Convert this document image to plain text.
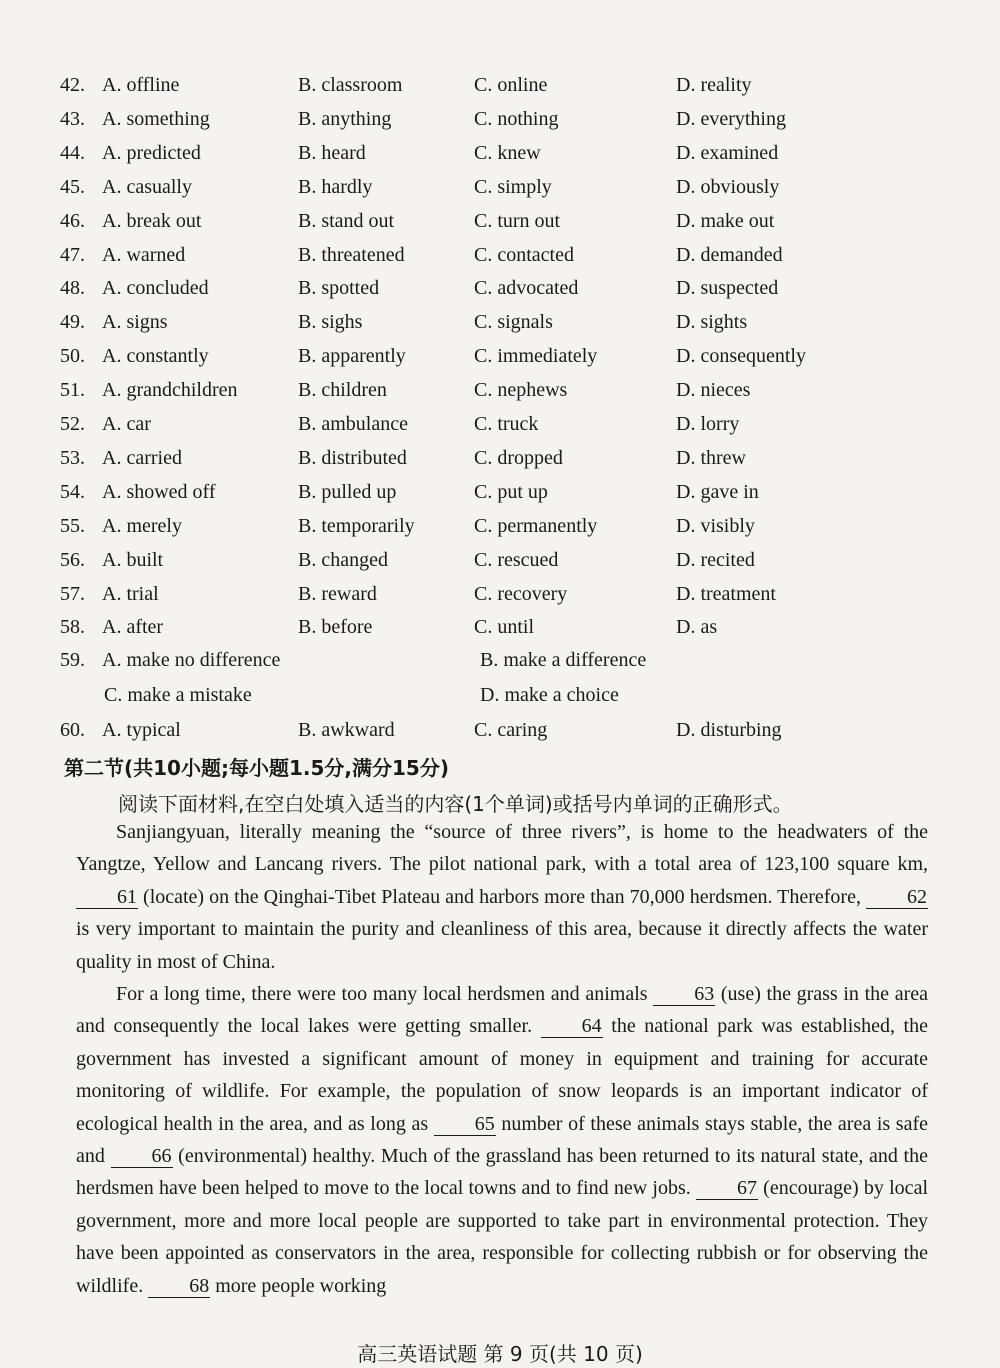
42. A. offline	B. classroom	C. online	D. reality
43. A. something	B. anything	C. nothing	D. everything
44. A. predicted	B. heard	C. knew	D. examined
45. A. casually	B. hardly	C. simply	D. obviously
46. A. break out	B. stand out	C. turn out	D. make out
47. A. warned	B. threatened	C. contacted	D. demanded
48. A. concluded	B. spotted	C. advocated	D. suspected
49. A. signs	B. sighs	C. signals	D. sights
50. A. constantly	B. apparently	C. immediately	D. consequently
51. A. grandchildren	B. children	C. nephews	D. nieces
52. A. car	B. ambulance	C. truck	D. lorry
53. A. carried	B. distributed	C. dropped	D. threw
54. A. showed off	B. pulled up	C. put up	D. gave in
55. A. merely	B. temporarily	C. permanently	D. visibly
56. A. built	B. changed	C. rescued	D. recited
57. A. trial	B. reward	C. recovery	D. treatment
58. A. after	B. before	C. until	D. as
59. A. make no difference	B. make a difference
C. make a mistake	D. make a choice
60. A. typical	B. awkward	C. caring	D. disturbing
第二节(共10小题;每小题1.5分,满分15分)
阅读下面材料,在空白处填入适当的内容(1个单词)或括号内单词的正确形式。

Sanjiangyuan, literally meaning the “source of three rivers”, is home to the headwaters of the Yangtze, Yellow and Lancang rivers. The pilot national park, with a total area of 123,100 square km, 61 (locate) on the Qinghai-Tibet Plateau and harbors more than 70,000 herdsmen. Therefore, 62 is very important to maintain the purity and cleanliness of this area, because it directly affects the water quality in most of China.

For a long time, there were too many local herdsmen and animals 63 (use) the grass in the area and consequently the local lakes were getting smaller. 64 the national park was established, the government has invested a significant amount of money in equipment and training for accurate monitoring of wildlife. For example, the population of snow leopards is an important indicator of ecological health in the area, and as long as 65 number of these animals stays stable, the area is safe and 66 (environmental) healthy. Much of the grassland has been returned to its natural state, and the herdsmen have been helped to move to the local towns and to find new jobs. 67 (encourage) by local government, more and more local people are supported to take part in environmental protection. They have been appointed as conservators in the area, responsible for collecting rubbish or for observing the wildlife. 68 more people working

高三英语试题 第 9 页(共 10 页)
